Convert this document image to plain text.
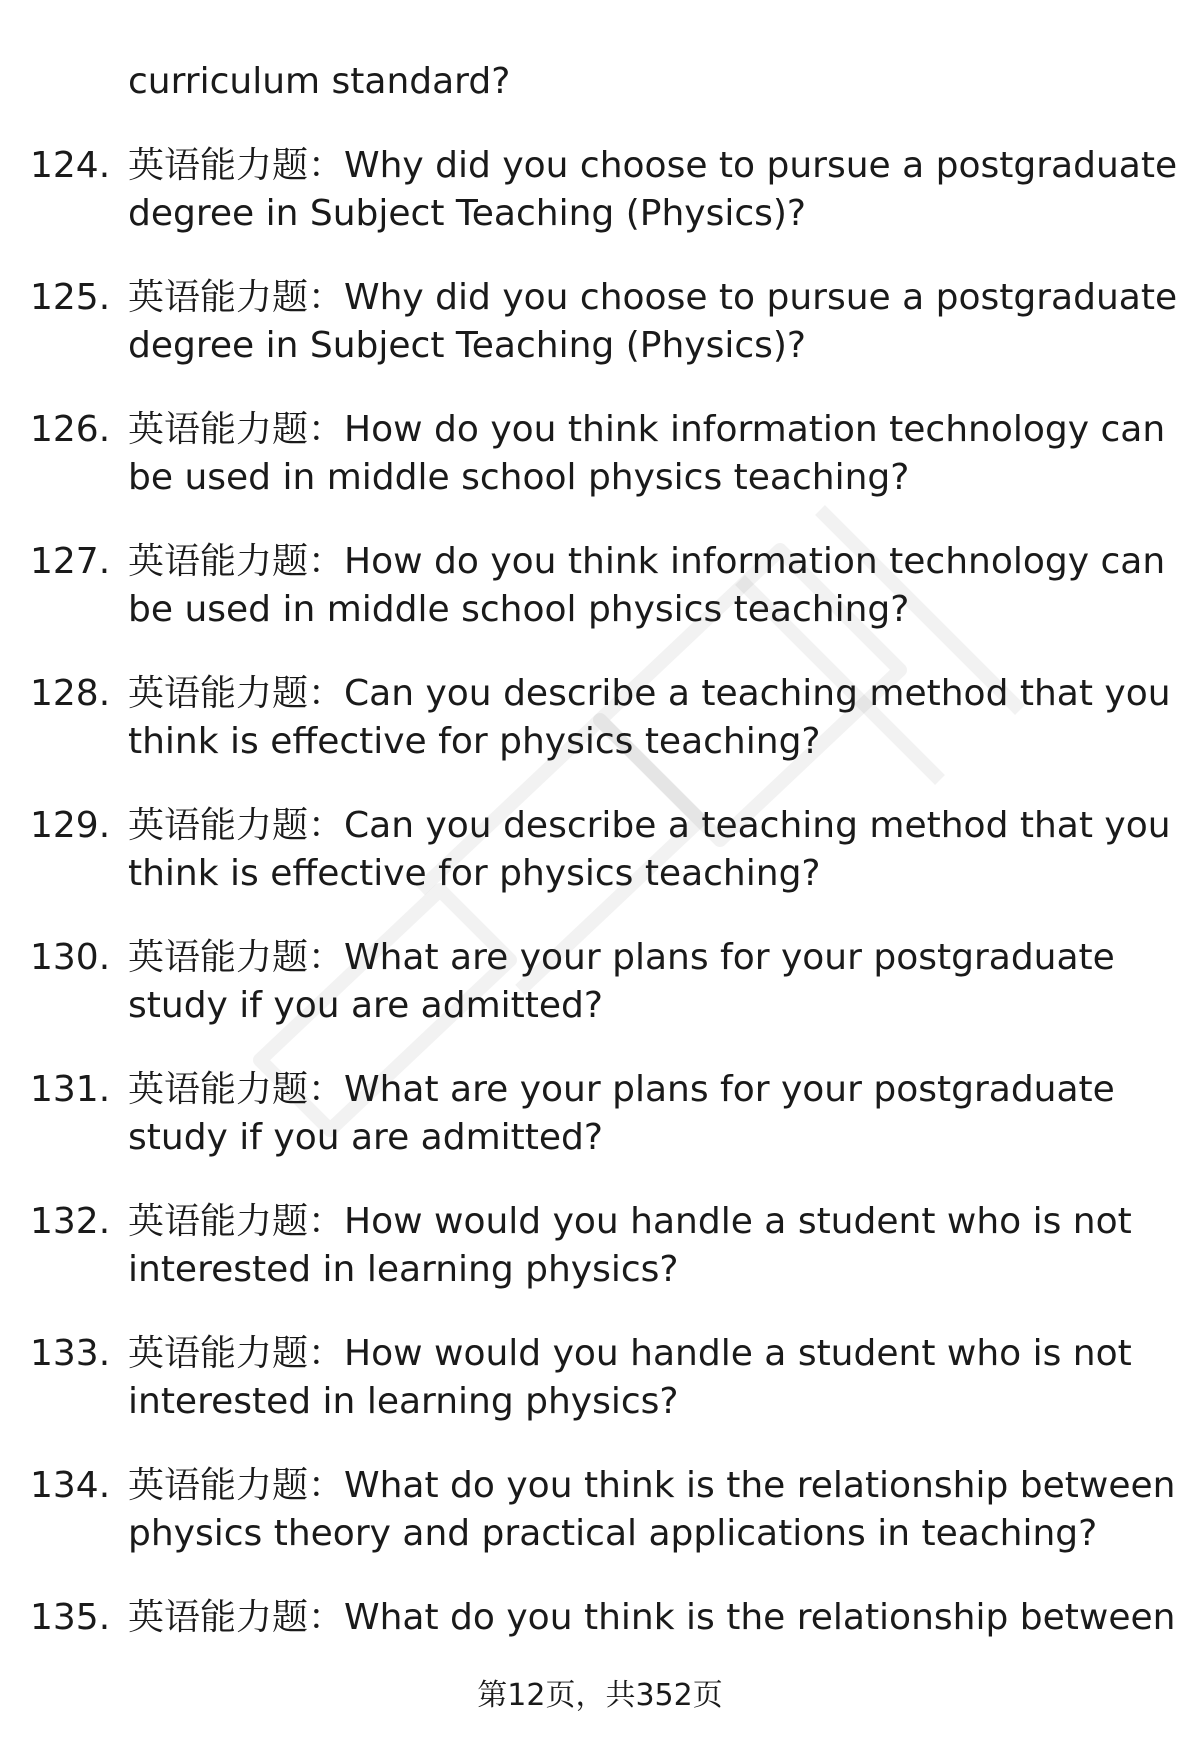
curriculum standard?
124. 英语能力题：Why did you choose to pursue a postgraduate
degree in Subject Teaching (Physics)?
125. 英语能力题：Why did you choose to pursue a postgraduate
degree in Subject Teaching (Physics)?
126. 英语能力题：How do you think information technology can
be used in middle school physics teaching?
127. 英语能力题：How do you think information technology can
be used in middle school physics teaching?
128. 英语能力题：Can you describe a teaching method that you
think is effective for physics teaching?
129. 英语能力题：Can you describe a teaching method that you
think is effective for physics teaching?
130. 英语能力题：What are your plans for your postgraduate
study if you are admitted?
131. 英语能力题：What are your plans for your postgraduate
study if you are admitted?
132. 英语能力题：How would you handle a student who is not
interested in learning physics?
133. 英语能力题：How would you handle a student who is not
interested in learning physics?
134. 英语能力题：What do you think is the relationship between
physics theory and practical applications in teaching?
135. 英语能力题：What do you think is the relationship between
第12页，共352页
